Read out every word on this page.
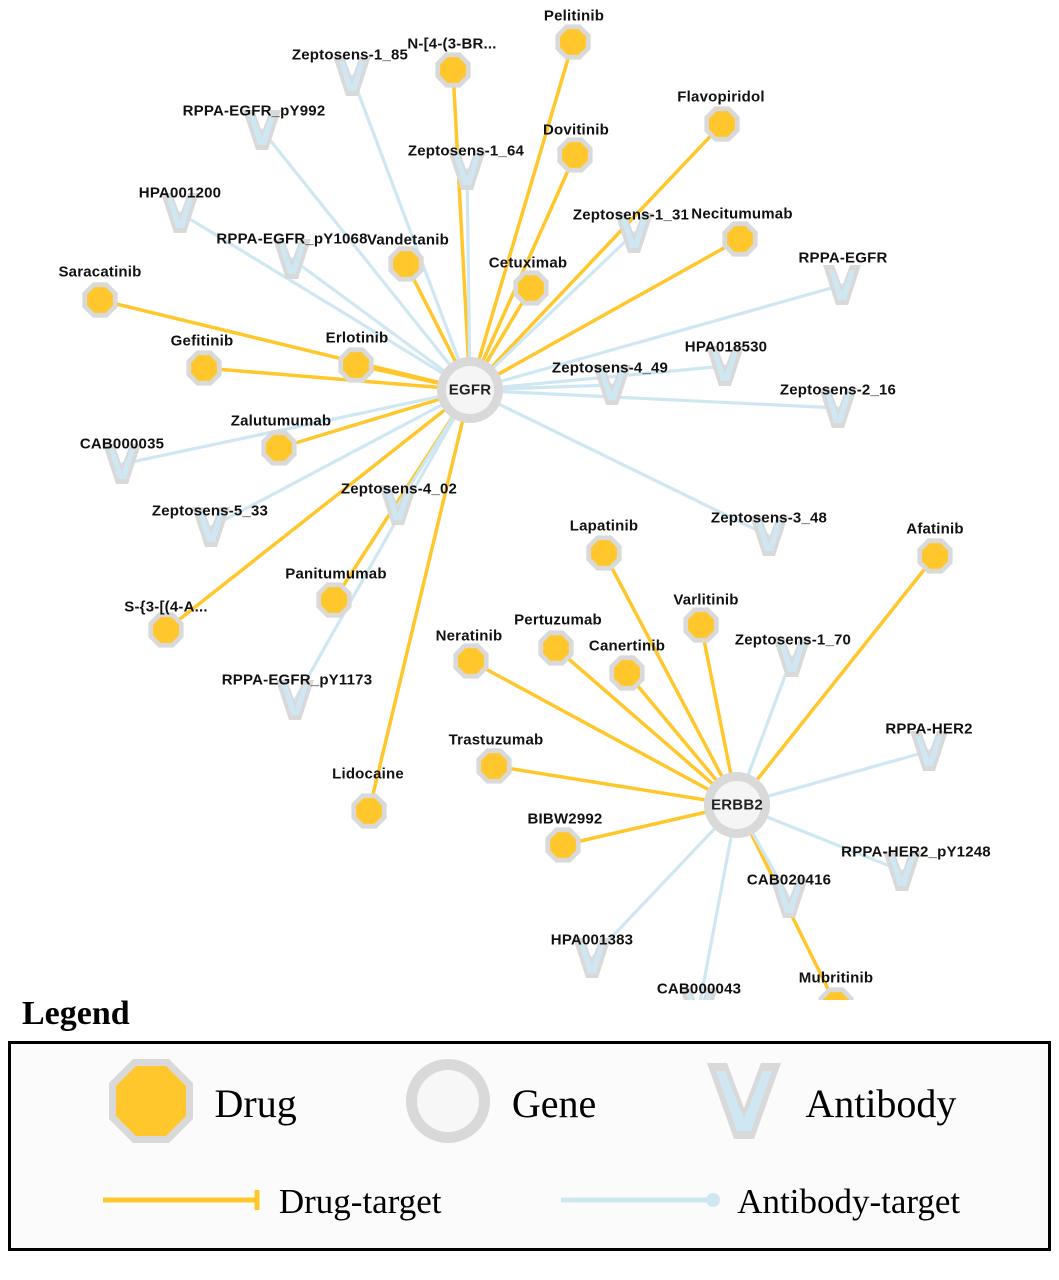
Pelitinib
N-[4-(3-BR...
Flavopiridol
Dovitinib
Necitumumab
Vandetanib
Cetuximab
Saracatinib
Gefitinib	Erlotinib
Zalutumumab
Lapatinib	Afatinib
Panitumumab
Varlitinib
S-{3-[(4-A...
Pertuzumab
Neratinib
Canertinib
Trastuzumab
Lidocaine
BIBW2992
Mubritinib
Zeptosens-1_85
RPPA-EGFR_pY992
Zeptosens-1_64
HPA001200
Zeptosens-1_31
RPPA-EGFR_pY1068
RPPA-EGFR
HPA018530
Zeptosens-4_49
Zeptosens-2_16
CAB000035
Zeptosens-4_02
Zeptosens-5_33	Zeptosens-3_48
Zeptosens-1_70
RPPA-EGFR_pY1173
RPPA-HER2
RPPA-HER2_pY1248
CAB020416
HPA001383
CAB000043
EGFR
ERBB2
Legend
Drug	Gene	Antibody
Drug-target	Antibody-target
